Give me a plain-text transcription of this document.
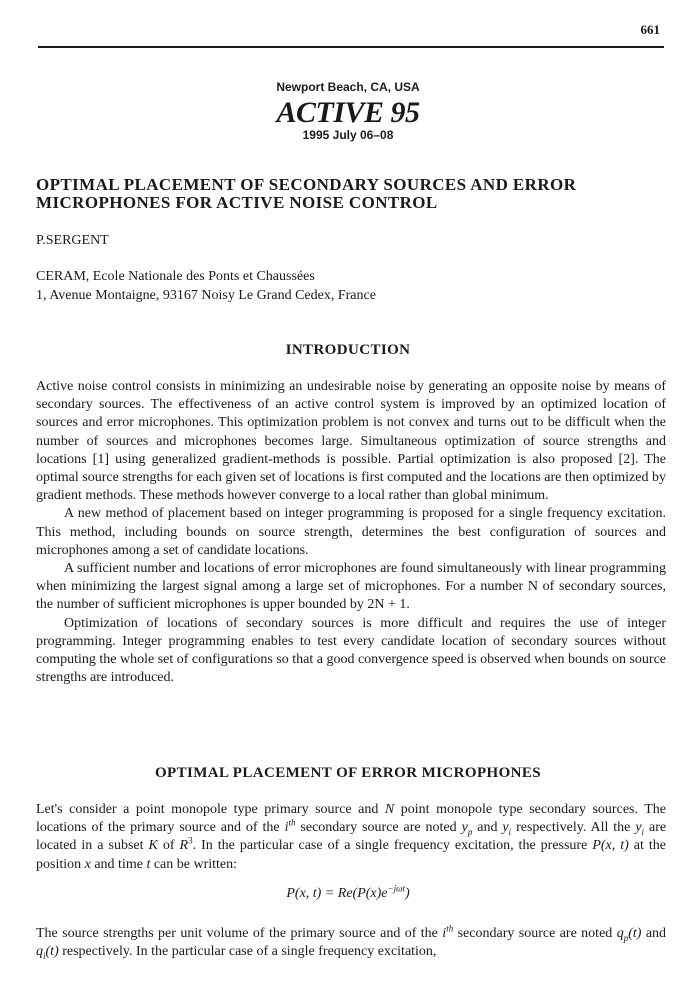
661
Newport Beach, CA, USA
ACTIVE 95
1995 July 06–08
OPTIMAL PLACEMENT OF SECONDARY SOURCES AND ERROR MICROPHONES FOR ACTIVE NOISE CONTROL
P.SERGENT
CERAM, Ecole Nationale des Ponts et Chaussées
1, Avenue Montaigne, 93167 Noisy Le Grand Cedex, France
INTRODUCTION

Active noise control consists in minimizing an undesirable noise by generating an opposite noise by means of secondary sources. The effectiveness of an active control system is improved by an optimized location of sources and error microphones. This optimization problem is not convex and turns out to be difficult when the number of sources and microphones becomes large. Simultaneous optimization of source strengths and locations [1] using generalized gradient-methods is possible. Partial optimization is also proposed [2]. The optimal source strengths for each given set of locations is first computed and the locations are then optimized by gradient methods. These methods however converge to a local rather than global minimum.

A new method of placement based on integer programming is proposed for a single frequency excitation. This method, including bounds on source strength, determines the best configuration of sources and microphones among a set of candidate locations.

A sufficient number and locations of error microphones are found simultaneously with linear programming when minimizing the largest signal among a large set of microphones. For a number N of secondary sources, the number of sufficient microphones is upper bounded by 2N + 1.

Optimization of locations of secondary sources is more difficult and requires the use of integer programming. Integer programming enables to test every candidate location of secondary sources without computing the whole set of configurations so that a good convergence speed is observed when bounds on source strengths are introduced.

OPTIMAL PLACEMENT OF ERROR MICROPHONES

Let's consider a point monopole type primary source and N point monopole type secondary sources. The locations of the primary source and of the $i^{th}$ secondary source are noted $y_p$ and $y_i$ respectively. All the $y_i$ are located in a subset K of $R^3$. In the particular case of a single frequency excitation, the pressure P(x, t) at the position x and time t can be written:

P(x, $t) = Re(P(x)e^{-j\omega t})$

The source strengths per unit volume of the primary source and of the $i^{th}$ secondary source are noted $q_p(t)$ and $q_i(t)$ respectively. In the particular case of a single frequency excitation,
